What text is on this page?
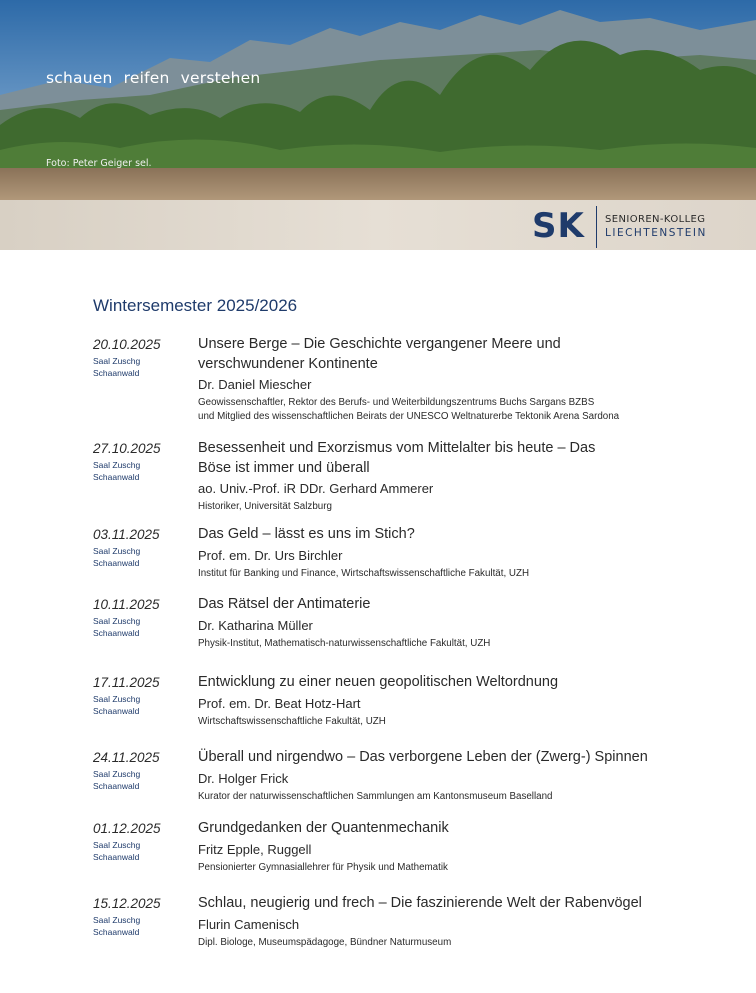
schauen reifen verstehen
Foto: Peter Geiger sel.
SK SENIOREN-KOLLEG
LIECHTENSTEIN
Wintersemester 2025/2026
20.10.2025
Saal Zuschg
Schaanwald
Unsere Berge – Die Geschichte vergangener Meere und verschwundener Kontinente
Dr. Daniel Miescher
Geowissenschaftler, Rektor des Berufs- und Weiterbildungszentrums Buchs Sargans BZBS
und Mitglied des wissenschaftlichen Beirats der UNESCO Weltnaturerbe Tektonik Arena Sardona
27.10.2025
Saal Zuschg
Schaanwald
Besessenheit und Exorzismus vom Mittelalter bis heute – Das Böse ist immer und überall
ao. Univ.-Prof. iR DDr. Gerhard Ammerer
Historiker, Universität Salzburg
03.11.2025
Saal Zuschg
Schaanwald
Das Geld – lässt es uns im Stich?
Prof. em. Dr. Urs Birchler
Institut für Banking und Finance, Wirtschaftswissenschaftliche Fakultät, UZH
10.11.2025
Saal Zuschg
Schaanwald
Das Rätsel der Antimaterie
Dr. Katharina Müller
Physik-Institut, Mathematisch-naturwissenschaftliche Fakultät, UZH
17.11.2025
Saal Zuschg
Schaanwald
Entwicklung zu einer neuen geopolitischen Weltordnung
Prof. em. Dr. Beat Hotz-Hart
Wirtschaftswissenschaftliche Fakultät, UZH
24.11.2025
Saal Zuschg
Schaanwald
Überall und nirgendwo – Das verborgene Leben der (Zwerg-) Spinnen
Dr. Holger Frick
Kurator der naturwissenschaftlichen Sammlungen am Kantonsmuseum Baselland
01.12.2025
Saal Zuschg
Schaanwald
Grundgedanken der Quantenmechanik
Fritz Epple, Ruggell
Pensionierter Gymnasiallehrer für Physik und Mathematik
15.12.2025
Saal Zuschg
Schaanwald
Schlau, neugierig und frech – Die faszinierende Welt der Rabenvögel
Flurin Camenisch
Dipl. Biologe, Museumspädagoge, Bündner Naturmuseum
